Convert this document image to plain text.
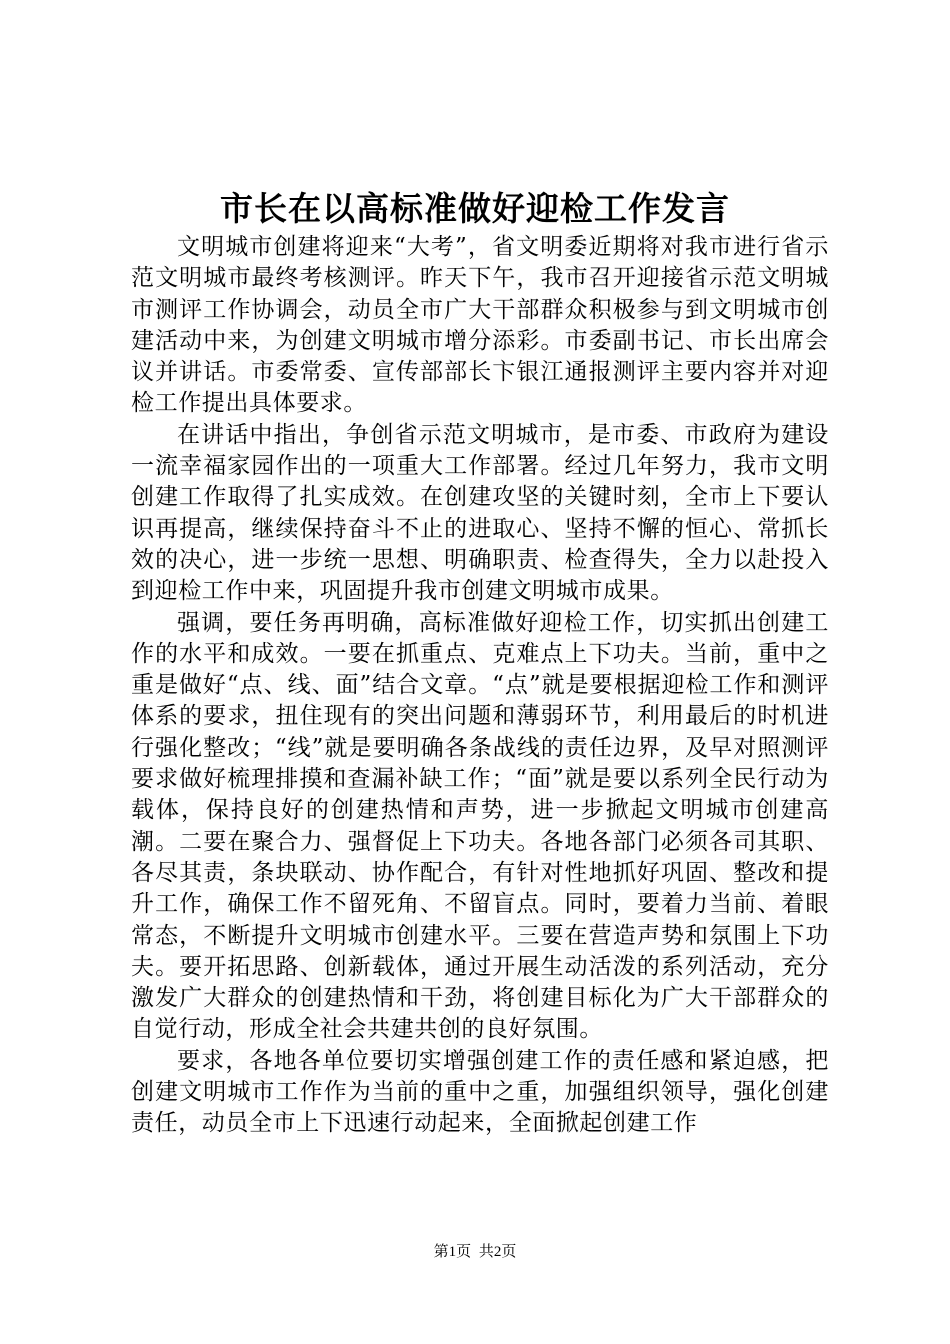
市长在以高标准做好迎检工作发言

文明城市创建将迎来“大考”，省文明委近期将对我市进行省示范文明城市最终考核测评。昨天下午，我市召开迎接省示范文明城市测评工作协调会，动员全市广大干部群众积极参与到文明城市创建活动中来，为创建文明城市增分添彩。市委副书记、市长出席会议并讲话。市委常委、宣传部部长卞银江通报测评主要内容并对迎检工作提出具体要求。

在讲话中指出，争创省示范文明城市，是市委、市政府为建设一流幸福家园作出的一项重大工作部署。经过几年努力，我市文明创建工作取得了扎实成效。在创建攻坚的关键时刻，全市上下要认识再提高，继续保持奋斗不止的进取心、坚持不懈的恒心、常抓长效的决心，进一步统一思想、明确职责、检查得失，全力以赴投入到迎检工作中来，巩固提升我市创建文明城市成果。

强调，要任务再明确，高标准做好迎检工作，切实抓出创建工作的水平和成效。一要在抓重点、克难点上下功夫。当前，重中之重是做好“点、线、面”结合文章。“点”就是要根据迎检工作和测评体系的要求，扭住现有的突出问题和薄弱环节，利用最后的时机进行强化整改；“线”就是要明确各条战线的责任边界，及早对照测评要求做好梳理排摸和查漏补缺工作；“面”就是要以系列全民行动为载体，保持良好的创建热情和声势，进一步掀起文明城市创建高潮。二要在聚合力、强督促上下功夫。各地各部门必须各司其职、各尽其责，条块联动、协作配合，有针对性地抓好巩固、整改和提升工作，确保工作不留死角、不留盲点。同时，要着力当前、着眼常态，不断提升文明城市创建水平。三要在营造声势和氛围上下功夫。要开拓思路、创新载体，通过开展生动活泼的系列活动，充分激发广大群众的创建热情和干劲，将创建目标化为广大干部群众的自觉行动，形成全社会共建共创的良好氛围。

要求，各地各单位要切实增强创建工作的责任感和紧迫感，把创建文明城市工作作为当前的重中之重，加强组织领导，强化创建责任，动员全市上下迅速行动起来，全面掀起创建工作

第1页 共2页
